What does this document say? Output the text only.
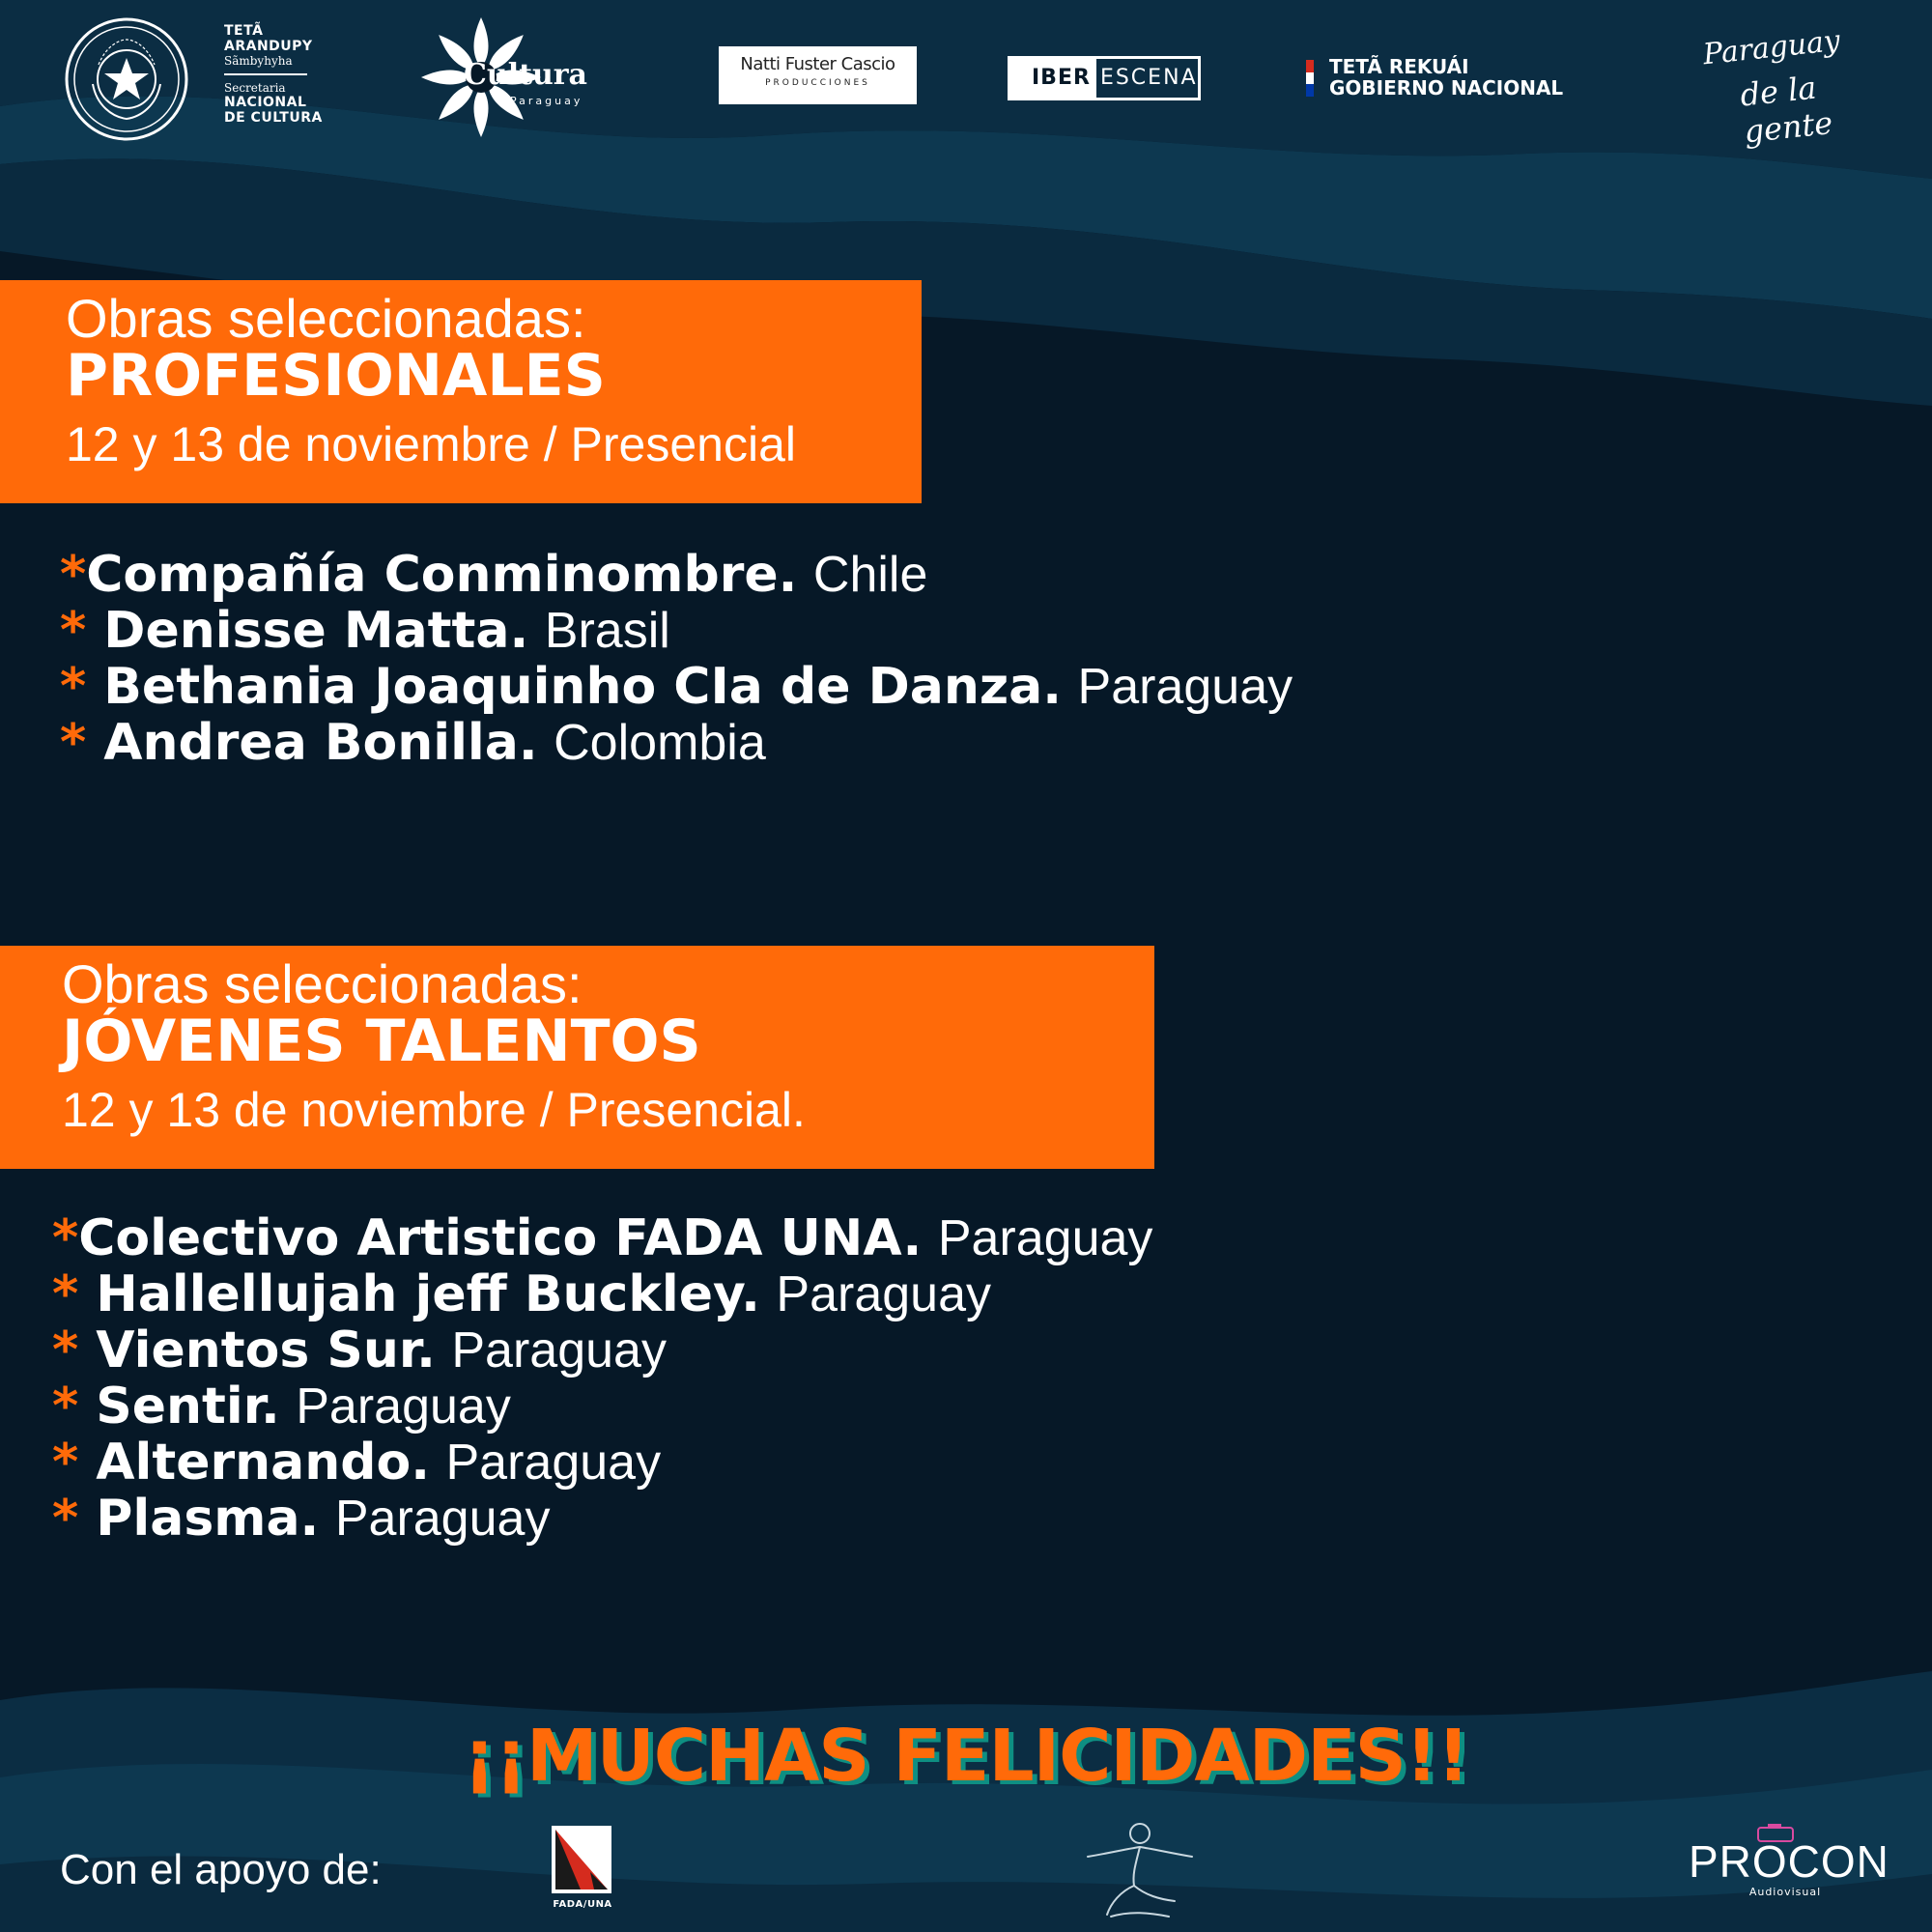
TETÃ
ARANDUPY
Sãmbyhyha
Secretaria
NACIONAL
DE CULTURA
Cultura
Paraguay
Natti Fuster Cascio
PRODUCCIONES	IBER ESCENA	TETÃ REKUÁI
GOBIERNO NACIONAL
Paraguay
de la gente
Obras seleccionadas:
PROFESIONALES
12 y 13 de noviembre / Presencial
*Compañía Conminombre. Chile
* Denisse Matta. Brasil
* Bethania Joaquinho CIa de Danza. Paraguay
* Andrea Bonilla. Colombia
Obras seleccionadas:
JÓVENES TALENTOS
12 y 13 de noviembre / Presencial.
*Colectivo Artistico FADA UNA. Paraguay
* Hallellujah jeff Buckley. Paraguay
* Vientos Sur. Paraguay
* Sentir. Paraguay
* Alternando. Paraguay
* Plasma. Paraguay
¡¡MUCHAS FELICIDADES!!
Con el apoyo de:
FADA/UNA
PROCON
Audiovisual
